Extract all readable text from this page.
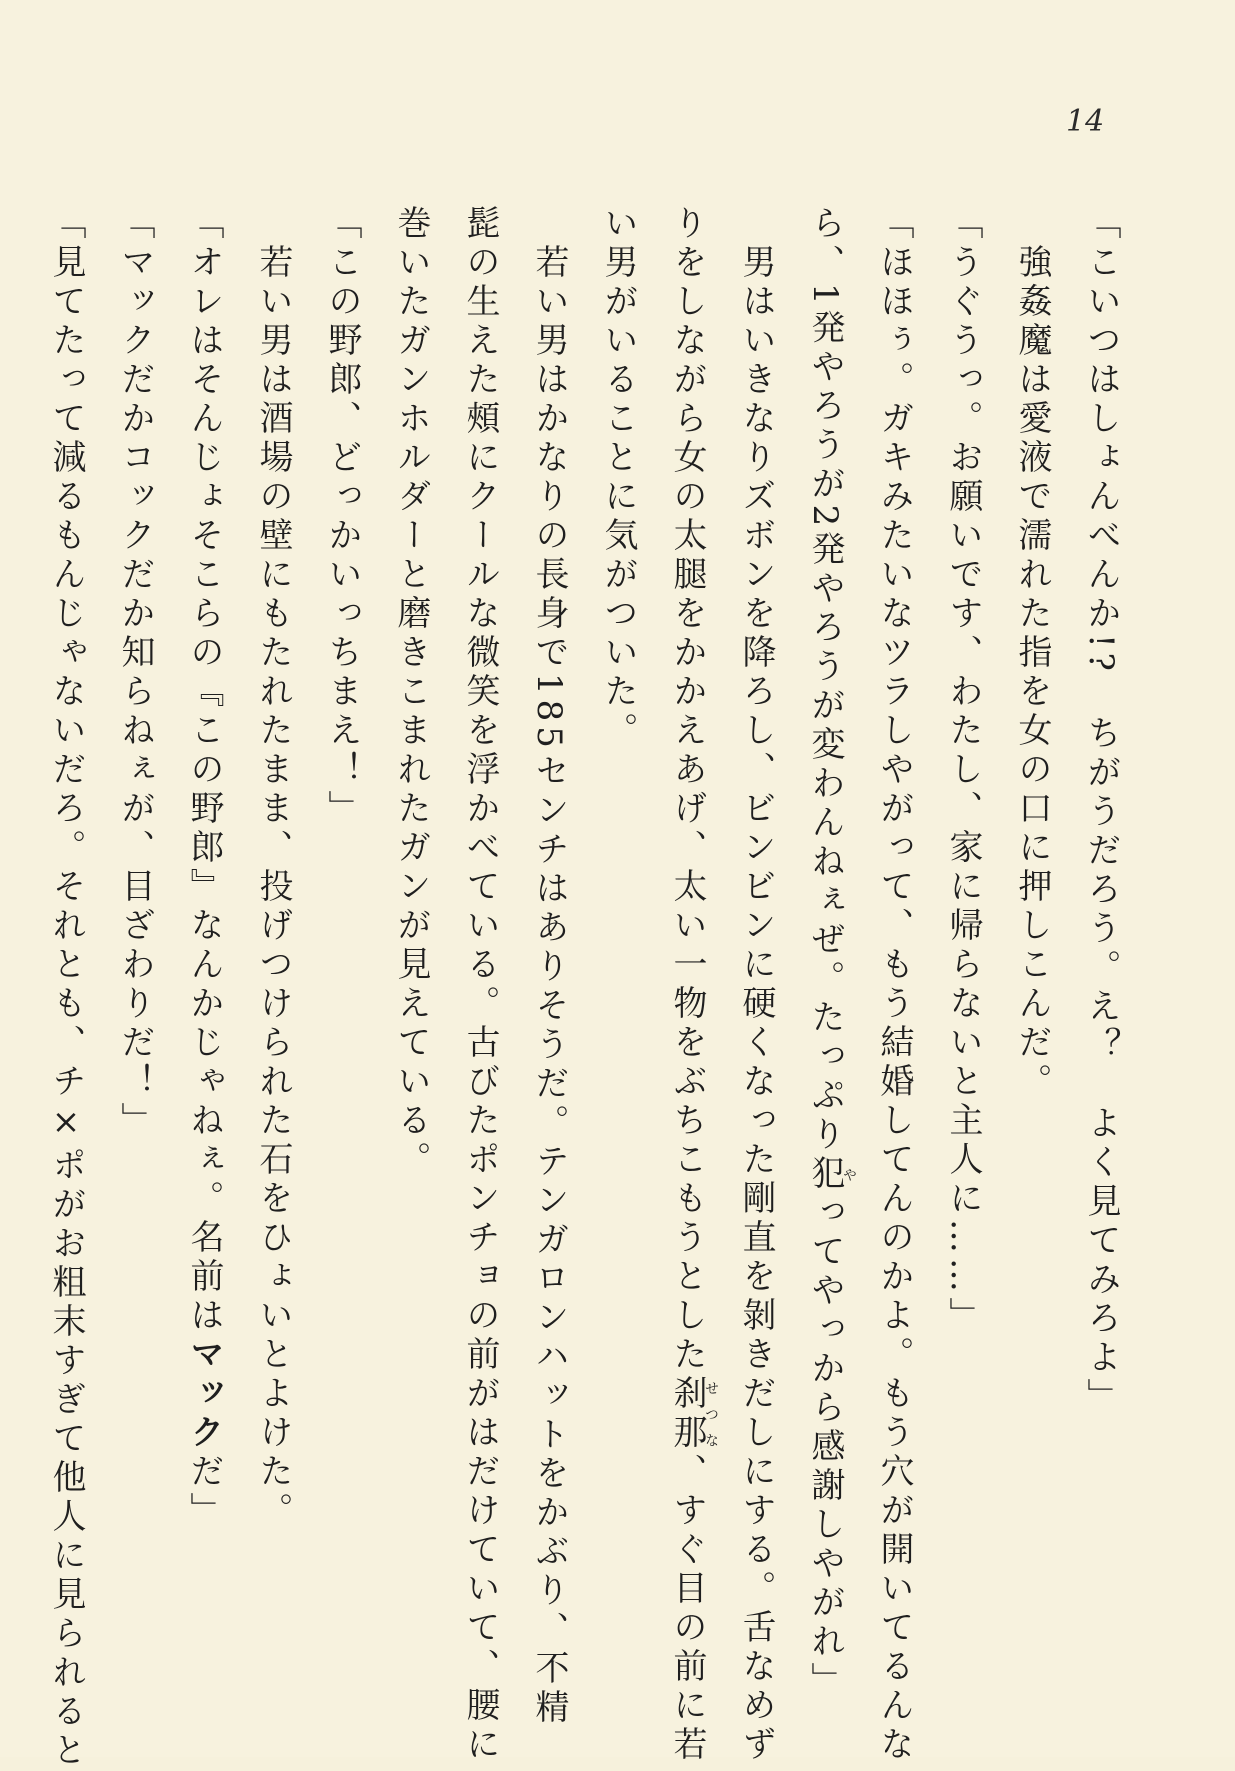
14
「こいつはしょんべんか!?　ちがうだろう。え？　よく見てみろよ」
　強姦魔は愛液で濡れた指を女の口に押しこんだ。
「うぐうっ。お願いです、わたし、家に帰らないと主人に……」
「ほほぅ。ガキみたいなツラしやがって、もう結婚してんのかよ。もう穴が開いてるんな
ら、1発やろうが2発やろうが変わんねぇぜ。たっぷり犯やってやっから感謝しやがれ」
　男はいきなりズボンを降ろし、ビンビンに硬くなった剛直を剝きだしにする。舌なめず
りをしながら女の太腿をかかえあげ、太い一物をぶちこもうとした刹那せつな、すぐ目の前に若
い男がいることに気がついた。
　若い男はかなりの長身で185センチはありそうだ。テンガロンハットをかぶり、不精
髭の生えた頰にクールな微笑を浮かべている。古びたポンチョの前がはだけていて、腰に
巻いたガンホルダーと磨きこまれたガンが見えている。
「この野郎、どっかいっちまえ！」
　若い男は酒場の壁にもたれたまま、投げつけられた石をひょいとよけた。
「オレはそんじょそこらの『この野郎』なんかじゃねぇ。名前はマックだ」
「マックだかコックだか知らねぇが、目ざわりだ！」
「見てたって減るもんじゃないだろ。それとも、チ×ポがお粗末すぎて他人に見られると
